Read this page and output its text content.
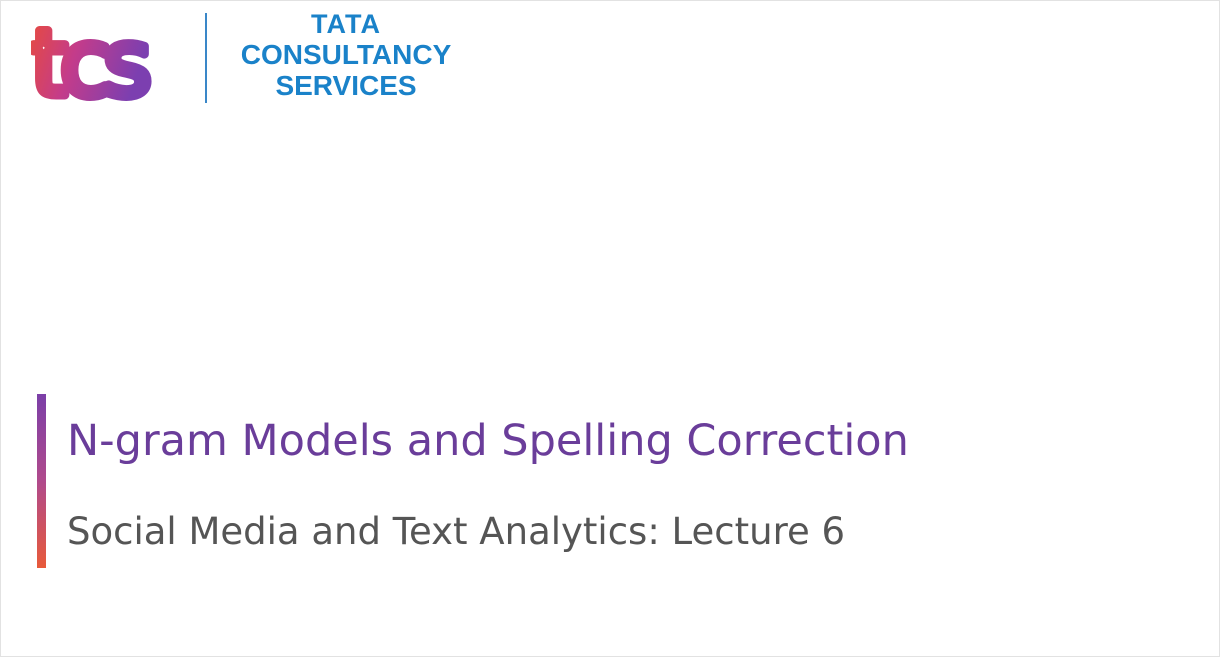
tcs	TATA
CONSULTANCY
SERVICES
N-gram Models and Spelling Correction
Social Media and Text Analytics: Lecture 6
